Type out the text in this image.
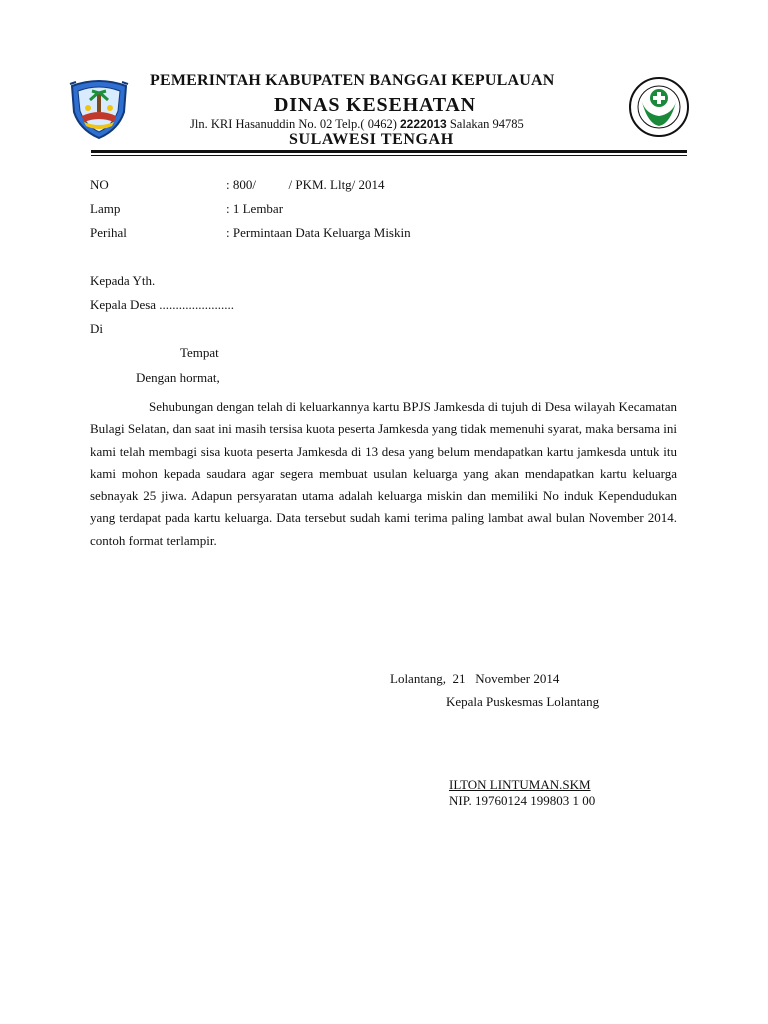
PEMERINTAH KABUPATEN BANGGAI KEPULAUAN
DINAS KESEHATAN
Jln. KRI Hasanuddin No. 02 Telp.( 0462) 2222013 Salakan 94785
SULAWESI TENGAH
NO	: 800/          / PKM. Lltg/ 2014
Lamp	: 1 Lembar
Perihal	: Permintaan Data Keluarga Miskin
Kepada Yth.
Kepala Desa .......................
Di
Tempat
Dengan hormat,

Sehubungan dengan telah di keluarkannya kartu BPJS Jamkesda di tujuh di Desa wilayah Kecamatan Bulagi Selatan, dan saat ini masih tersisa kuota peserta Jamkesda yang tidak memenuhi syarat, maka bersama ini kami telah membagi sisa kuota peserta Jamkesda di 13 desa yang belum mendapatkan kartu jamkesda untuk itu kami mohon kepada saudara agar segera membuat usulan keluarga yang akan mendapatkan kartu keluarga sebnayak 25 jiwa. Adapun persyaratan utama adalah keluarga miskin dan memiliki No induk Kependudukan yang terdapat pada kartu keluarga. Data tersebut sudah kami terima paling lambat awal bulan November 2014. contoh format terlampir.

Lolantang,  21   November 2014
Kepala Puskesmas Lolantang
ILTON LINTUMAN.SKM
NIP. 19760124 199803 1 00
